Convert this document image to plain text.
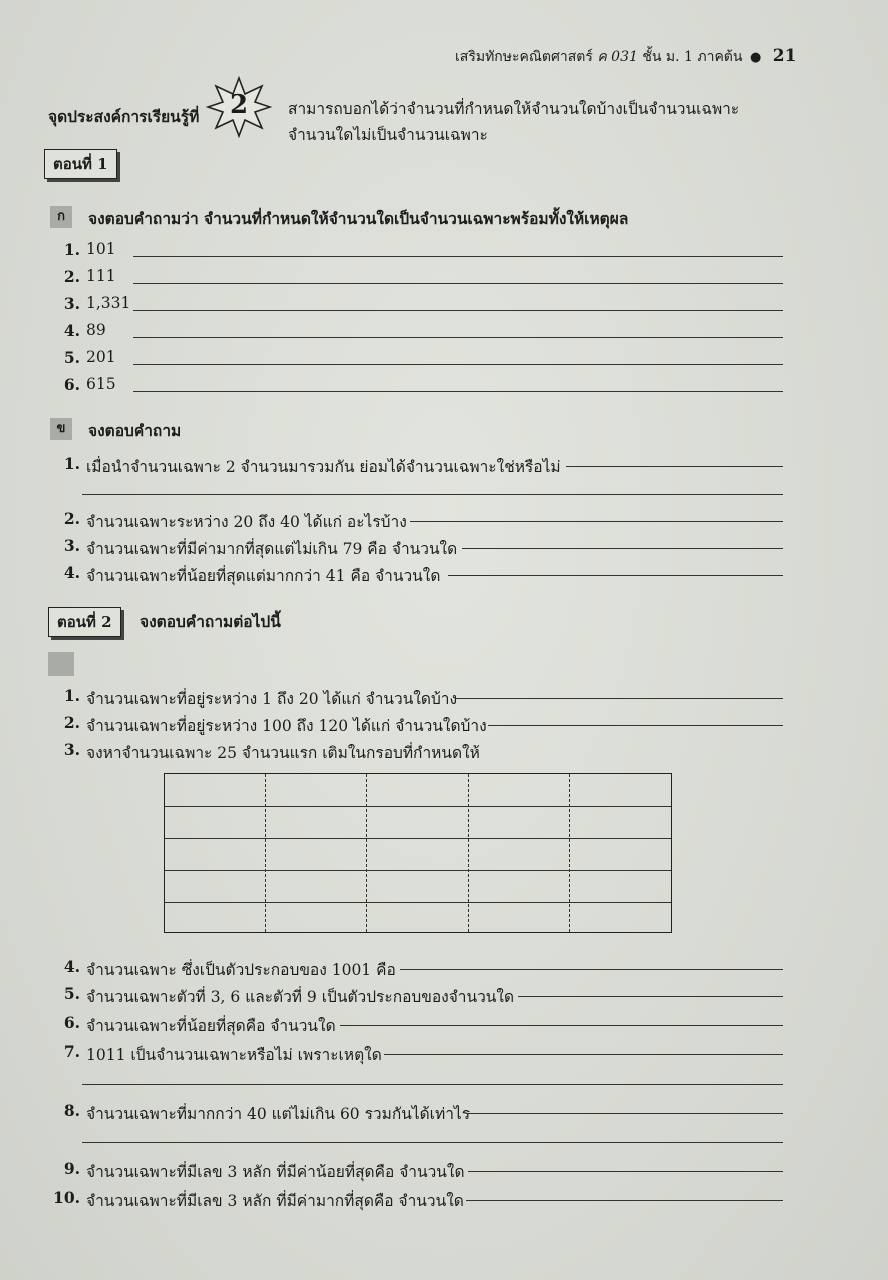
เสริมทักษะคณิตศาสตร์ ค 031 ชั้น ม. 1 ภาคต้น ● 21
จุดประสงค์การเรียนรู้ที่	2	สามารถบอกได้ว่าจำนวนที่กำหนดให้จำนวนใดบ้างเป็นจำนวนเฉพาะ จำนวนใดไม่เป็นจำนวนเฉพาะ
ตอนที่ 1
ก	จงตอบคำถามว่า จำนวนที่กำหนดให้จำนวนใดเป็นจำนวนเฉพาะพร้อมทั้งให้เหตุผล
1. 101
2. 111
3. 1,331
4. 89
5. 201
6. 615
ข	จงตอบคำถาม
1. เมื่อนำจำนวนเฉพาะ 2 จำนวนมารวมกัน ย่อมได้จำนวนเฉพาะใช่หรือไม่
2. จำนวนเฉพาะระหว่าง 20 ถึง 40 ได้แก่ อะไรบ้าง
3. จำนวนเฉพาะที่มีค่ามากที่สุดแต่ไม่เกิน 79 คือ จำนวนใด
4. จำนวนเฉพาะที่น้อยที่สุดแต่มากกว่า 41 คือ จำนวนใด
ตอนที่ 2	จงตอบคำถามต่อไปนี้
1. จำนวนเฉพาะที่อยู่ระหว่าง 1 ถึง 20 ได้แก่ จำนวนใดบ้าง
2. จำนวนเฉพาะที่อยู่ระหว่าง 100 ถึง 120 ได้แก่ จำนวนใดบ้าง
3. จงหาจำนวนเฉพาะ 25 จำนวนแรก เติมในกรอบที่กำหนดให้
4. จำนวนเฉพาะ ซึ่งเป็นตัวประกอบของ 1001 คือ
5. จำนวนเฉพาะตัวที่ 3, 6 และตัวที่ 9 เป็นตัวประกอบของจำนวนใด
6. จำนวนเฉพาะที่น้อยที่สุดคือ จำนวนใด
7. 1011 เป็นจำนวนเฉพาะหรือไม่ เพราะเหตุใด
8. จำนวนเฉพาะที่มากกว่า 40 แต่ไม่เกิน 60 รวมกันได้เท่าไร
9. จำนวนเฉพาะที่มีเลข 3 หลัก ที่มีค่าน้อยที่สุดคือ จำนวนใด
10. จำนวนเฉพาะที่มีเลข 3 หลัก ที่มีค่ามากที่สุดคือ จำนวนใด
